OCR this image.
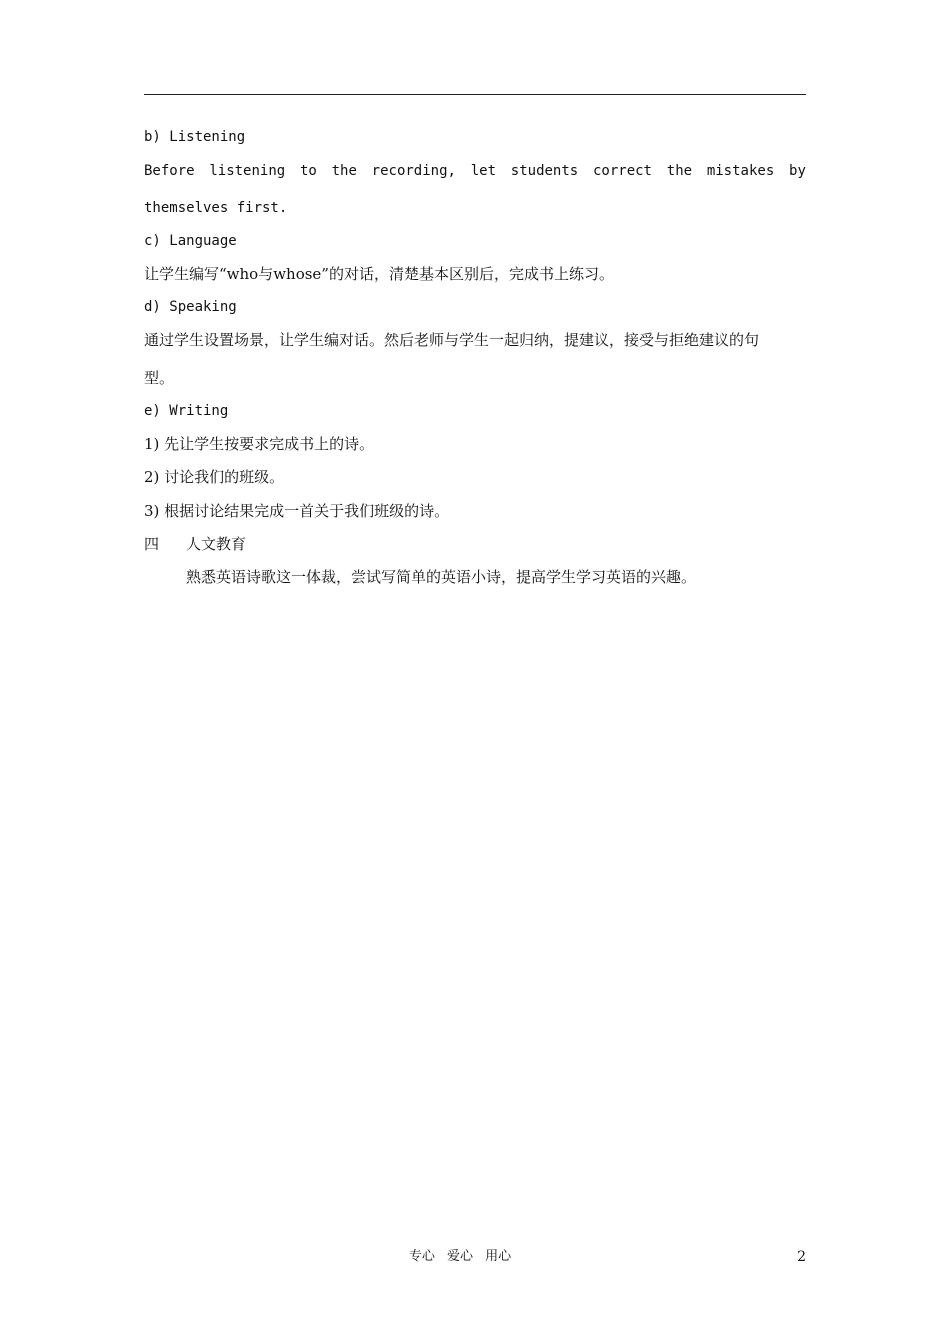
b) Listening
Before listening to the recording, let students correct the mistakes by
themselves first.
c) Language
让学生编写“who与whose”的对话，清楚基本区别后，完成书上练习。
d) Speaking
通过学生设置场景，让学生编对话。然后老师与学生一起归纳，提建议，接受与拒绝建议的句
型。
e) Writing
1) 先让学生按要求完成书上的诗。
2) 讨论我们的班级。
3) 根据讨论结果完成一首关于我们班级的诗。
四 人文教育
熟悉英语诗歌这一体裁，尝试写简单的英语小诗，提高学生学习英语的兴趣。
专心 爱心 用心	2
